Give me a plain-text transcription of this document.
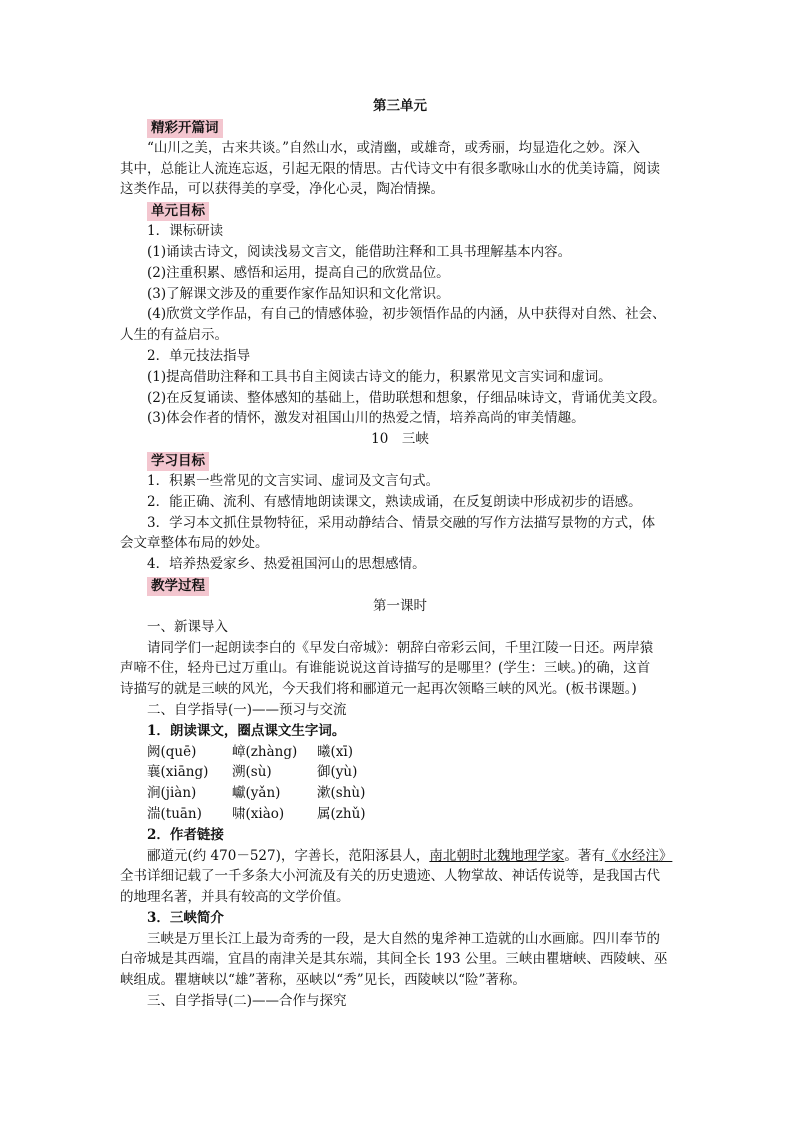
第三单元
精彩开篇词
“山川之美，古来共谈。”自然山水，或清幽，或雄奇，或秀丽，均显造化之妙。深入
其中，总能让人流连忘返，引起无限的情思。古代诗文中有很多歌咏山水的优美诗篇，阅读
这类作品，可以获得美的享受，净化心灵，陶冶情操。
单元目标
1．课标研读
(1)诵读古诗文，阅读浅易文言文，能借助注释和工具书理解基本内容。
(2)注重积累、感悟和运用，提高自己的欣赏品位。
(3)了解课文涉及的重要作家作品知识和文化常识。
(4)欣赏文学作品，有自己的情感体验，初步领悟作品的内涵，从中获得对自然、社会、
人生的有益启示。
2．单元技法指导
(1)提高借助注释和工具书自主阅读古诗文的能力，积累常见文言实词和虚词。
(2)在反复诵读、整体感知的基础上，借助联想和想象，仔细品味诗文，背诵优美文段。
(3)体会作者的情怀，激发对祖国山川的热爱之情，培养高尚的审美情趣。
10　三峡
学习目标
1．积累一些常见的文言实词、虚词及文言句式。
2．能正确、流利、有感情地朗读课文，熟读成诵，在反复朗读中形成初步的语感。
3．学习本文抓住景物特征，采用动静结合、情景交融的写作方法描写景物的方式，体
会文章整体布局的妙处。
4．培养热爱家乡、热爱祖国河山的思想感情。
教学过程
第一课时
一、新课导入
请同学们一起朗读李白的《早发白帝城》：朝辞白帝彩云间，千里江陵一日还。两岸猿
声啼不住，轻舟已过万重山。有谁能说说这首诗描写的是哪里？(学生：三峡。)的确，这首
诗描写的就是三峡的风光，今天我们将和郦道元一起再次领略三峡的风光。(板书课题。)
二、自学指导(一)——预习与交流
1．朗读课文，圈点课文生字词。
阙(quē)	嶂(zhàng)	曦(xī)
襄(xiāng)	溯(sù)	御(yù)
涧(jiàn)	巘(yǎn)	漱(shù)
湍(tuān)	啸(xiào)	属(zhǔ)
2．作者链接
郦道元(约 470－527)，字善长，范阳涿县人，南北朝时北魏地理学家。著有《水经注》
全书详细记载了一千多条大小河流及有关的历史遗迹、人物掌故、神话传说等，是我国古代
的地理名著，并具有较高的文学价值。
3．三峡简介
三峡是万里长江上最为奇秀的一段，是大自然的鬼斧神工造就的山水画廊。四川奉节的
白帝城是其西端，宜昌的南津关是其东端，其间全长 193 公里。三峡由瞿塘峡、西陵峡、巫
峡组成。瞿塘峡以“雄”著称，巫峡以“秀”见长，西陵峡以“险”著称。
三、自学指导(二)——合作与探究
